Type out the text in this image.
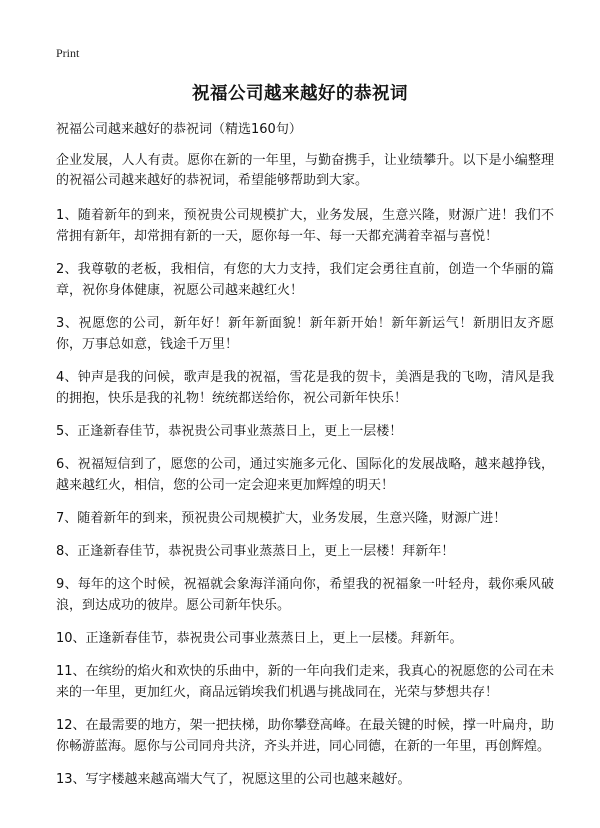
Print
祝福公司越来越好的恭祝词

祝福公司越来越好的恭祝词（精选160句）

企业发展，人人有责。愿你在新的一年里，与勤奋携手，让业绩攀升。以下是小编整理的祝福公司越来越好的恭祝词，希望能够帮助到大家。

1、随着新年的到来，预祝贵公司规模扩大，业务发展，生意兴隆，财源广进！我们不常拥有新年，却常拥有新的一天，愿你每一年、每一天都充满着幸福与喜悦！

2、我尊敬的老板，我相信，有您的大力支持，我们定会勇往直前，创造一个华丽的篇章，祝你身体健康，祝愿公司越来越红火！

3、祝愿您的公司，新年好！新年新面貌！新年新开始！新年新运气！新朋旧友齐愿你，万事总如意，钱途千万里！

4、钟声是我的问候，歌声是我的祝福，雪花是我的贺卡，美酒是我的飞吻，清风是我的拥抱，快乐是我的礼物！统统都送给你，祝公司新年快乐！

5、正逢新春佳节，恭祝贵公司事业蒸蒸日上，更上一层楼！

6、祝福短信到了，愿您的公司，通过实施多元化、国际化的发展战略，越来越挣钱，越来越红火，相信，您的公司一定会迎来更加辉煌的明天！

7、随着新年的到来，预祝贵公司规模扩大，业务发展，生意兴隆，财源广进！

8、正逢新春佳节，恭祝贵公司事业蒸蒸日上，更上一层楼！拜新年！

9、每年的这个时候，祝福就会象海洋涌向你，希望我的祝福象一叶轻舟，载你乘风破浪，到达成功的彼岸。愿公司新年快乐。

10、正逢新春佳节，恭祝贵公司事业蒸蒸日上，更上一层楼。拜新年。

11、在缤纷的焰火和欢快的乐曲中，新的一年向我们走来，我真心的祝愿您的公司在未来的一年里，更加红火，商品远销埃我们机遇与挑战同在，光荣与梦想共存！

12、在最需要的地方，架一把扶梯，助你攀登高峰。在最关键的时候，撑一叶扁舟，助你畅游蓝海。愿你与公司同舟共济，齐头并进，同心同德，在新的一年里，再创辉煌。

13、写字楼越来越高端大气了，祝愿这里的公司也越来越好。
